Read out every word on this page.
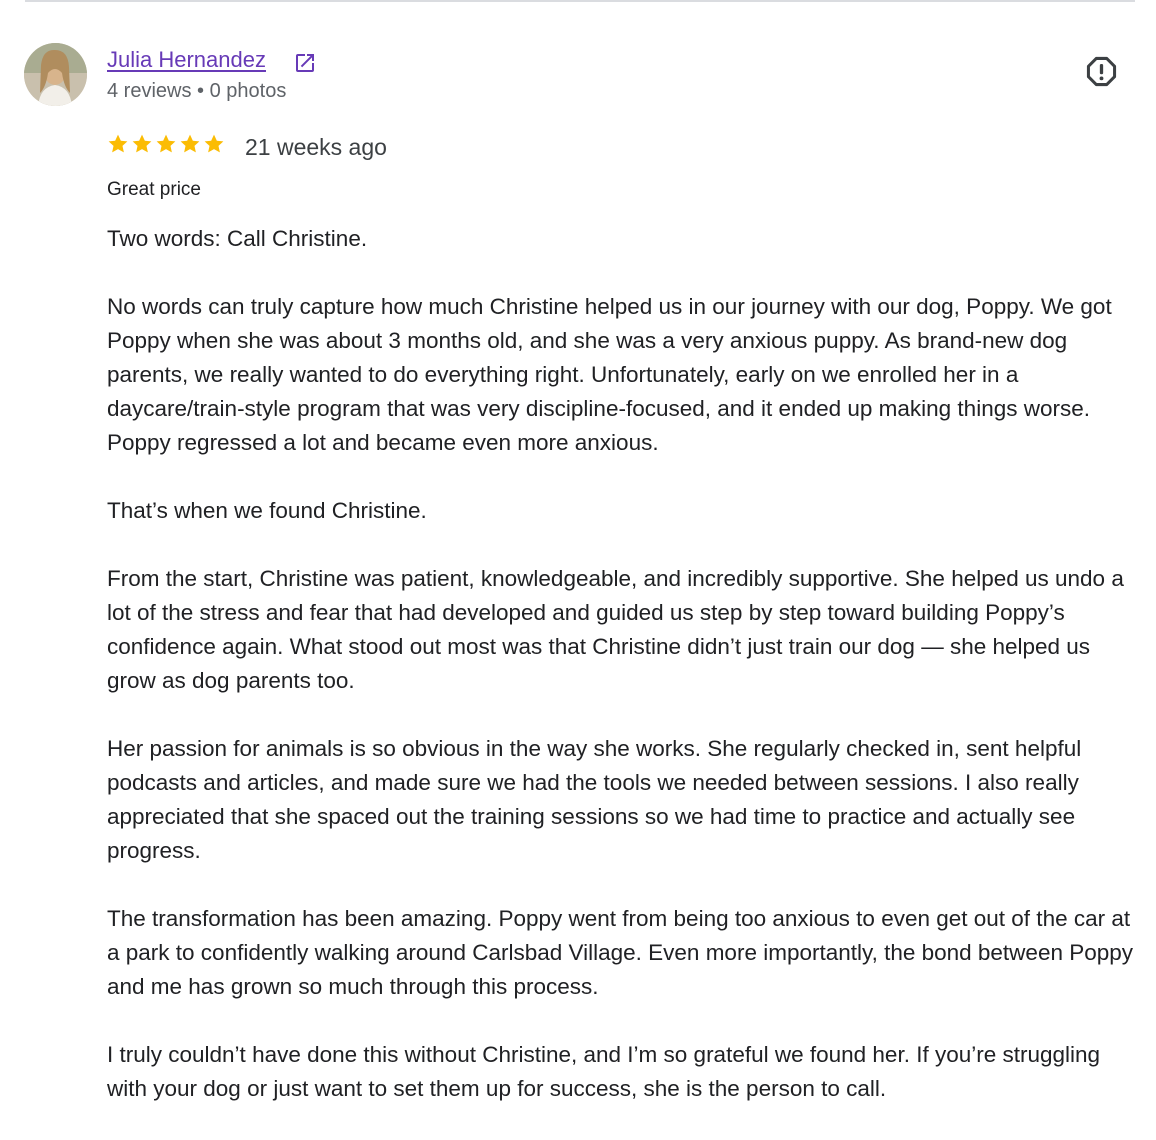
Julia Hernandez
4 reviews • 0 photos
21 weeks ago
Great price

Two words: Call Christine.

No words can truly capture how much Christine helped us in our journey with our dog, Poppy. We got Poppy when she was about 3 months old, and she was a very anxious puppy. As brand-new dog parents, we really wanted to do everything right. Unfortunately, early on we enrolled her in a daycare/train-style program that was very discipline-focused, and it ended up making things worse. Poppy regressed a lot and became even more anxious.

That’s when we found Christine.

From the start, Christine was patient, knowledgeable, and incredibly supportive. She helped us undo a lot of the stress and fear that had developed and guided us step by step toward building Poppy’s confidence again. What stood out most was that Christine didn’t just train our dog — she helped us grow as dog parents too.

Her passion for animals is so obvious in the way she works. She regularly checked in, sent helpful podcasts and articles, and made sure we had the tools we needed between sessions. I also really appreciated that she spaced out the training sessions so we had time to practice and actually see progress.

The transformation has been amazing. Poppy went from being too anxious to even get out of the car at a park to confidently walking around Carlsbad Village. Even more importantly, the bond between Poppy and me has grown so much through this process.

I truly couldn’t have done this without Christine, and I’m so grateful we found her. If you’re struggling with your dog or just want to set them up for success, she is the person to call.
